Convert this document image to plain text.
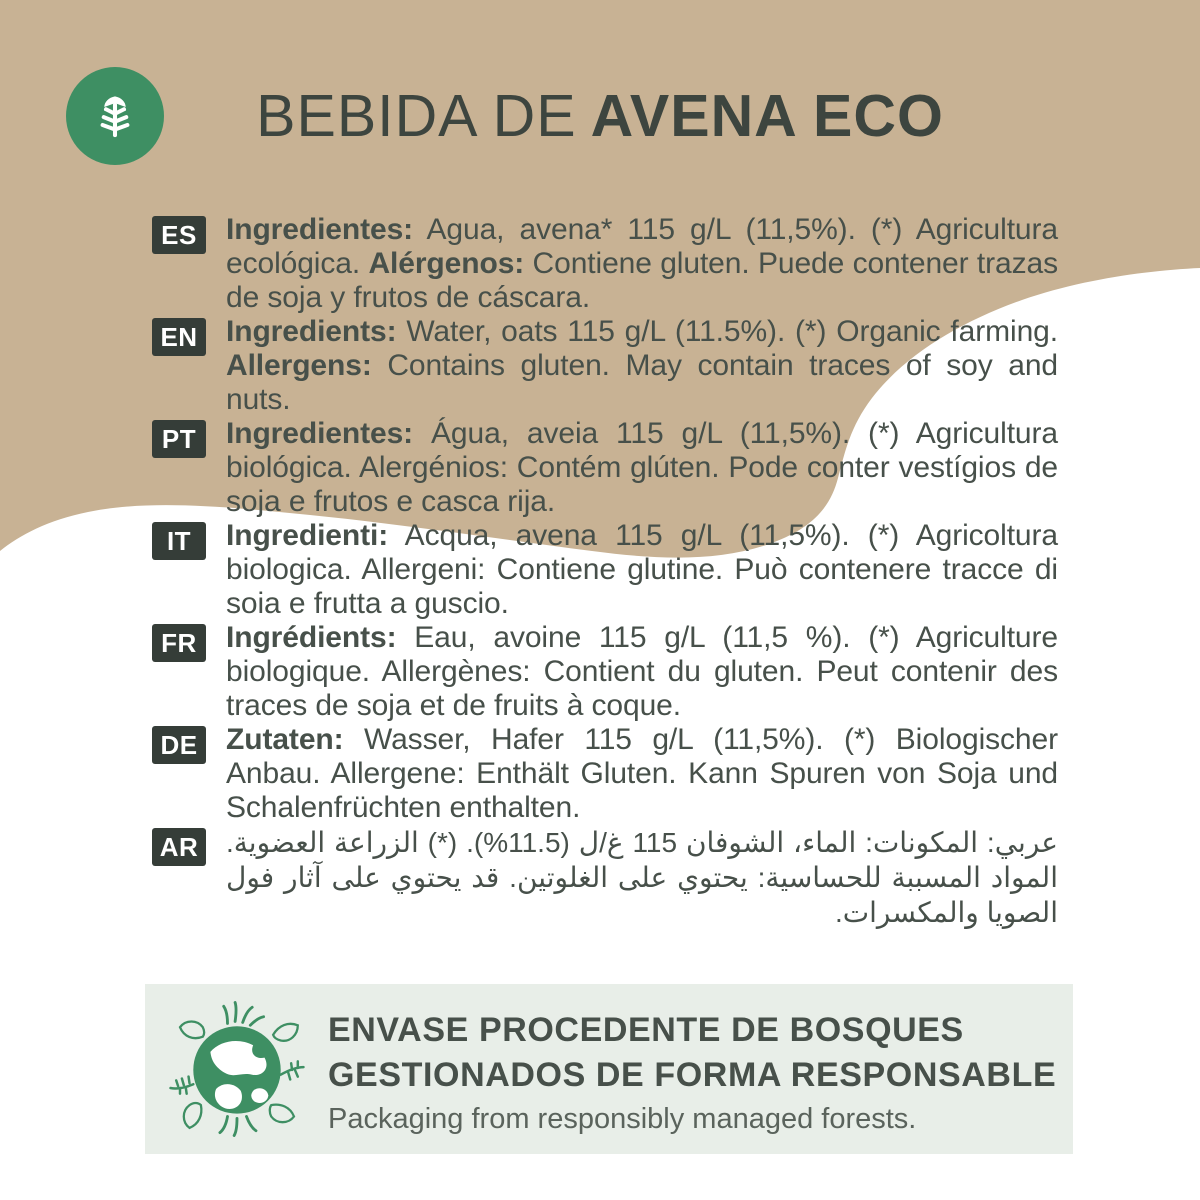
BEBIDA DE AVENA ECO
ES Ingredientes: Agua, avena* 115 g/L (11,5%). (*) Agricultura ecológica. Alérgenos: Contiene gluten. Puede contener trazas de soja y frutos de cáscara.

EN Ingredients: Water, oats 115 g/L (11.5%). (*) Organic farming. Allergens: Contains gluten. May contain traces of soy and nuts.

PT Ingredientes: Água, aveia 115 g/L (11,5%). (*) Agricultura biológica. Alergénios: Contém glúten. Pode conter vestígios de soja e frutos e casca rija.

IT	Ingredienti: Acqua, avena 115 g/L (11,5%). (*) Agricoltura biologica. Allergeni: Contiene glutine. Può contenere tracce di soia e frutta a guscio.

FR Ingrédients: Eau, avoine 115 g/L (11,5 %). (*) Agriculture biologique. Allergènes: Contient du gluten. Peut contenir des traces de soja et de fruits à coque.

DE Zutaten: Wasser, Hafer 115 g/L (11,5%). (*) Biologischer Anbau. Allergene: Enthält Gluten. Kann Spuren von Soja und Schalenfrüchten enthalten.

AR عربي: المكونات: الماء، الشوفان 115 غ/ل (11.5%). (*) الزراعة العضوية. المواد المسببة للحساسية: يحتوي على الغلوتين. قد يحتوي على آثار فول الصويا والمكسرات.

ENVASE PROCEDENTE DE BOSQUES
GESTIONADOS DE FORMA RESPONSABLE
Packaging from responsibly managed forests.
